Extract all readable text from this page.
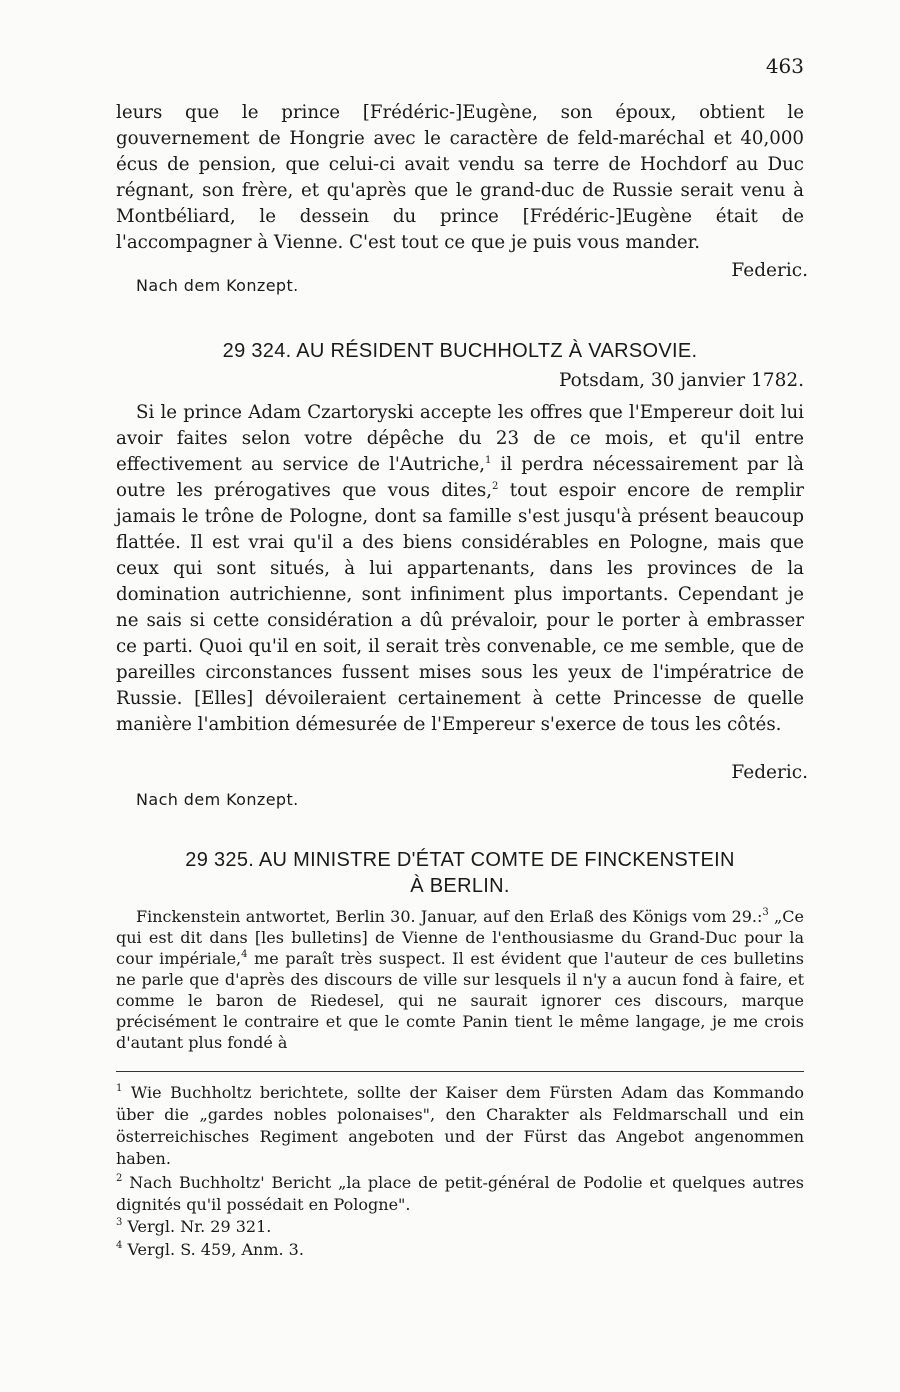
463
leurs que le prince [Frédéric-]Eugène, son époux, obtient le gouvernement de Hongrie avec le caractère de feld-maréchal et 40,000 écus de pension, que celui-ci avait vendu sa terre de Hochdorf au Duc régnant, son frère, et qu'après que le grand-duc de Russie serait venu à Montbéliard, le dessein du prince [Frédéric-]Eugène était de l'accompagner à Vienne. C'est tout ce que je puis vous mander.
Nach dem Konzept.
Federic.
29 324. AU RÉSIDENT BUCHHOLTZ À VARSOVIE.
Potsdam, 30 janvier 1782.
Si le prince Adam Czartoryski accepte les offres que l'Empereur doit lui avoir faites selon votre dépêche du 23 de ce mois, et qu'il entre effectivement au service de l'Autriche,$^1$ il perdra nécessairement par là outre les prérogatives que vous dites,$^2$ tout espoir encore de remplir jamais le trône de Pologne, dont sa famille s'est jusqu'à présent beaucoup flattée. Il est vrai qu'il a des biens considérables en Pologne, mais que ceux qui sont situés, à lui appartenants, dans les provinces de la domination autrichienne, sont infiniment plus importants. Cependant je ne sais si cette considération a dû prévaloir, pour le porter à embrasser ce parti. Quoi qu'il en soit, il serait très convenable, ce me semble, que de pareilles circonstances fussent mises sous les yeux de l'impératrice de Russie. [Elles] dévoileraient certainement à cette Princesse de quelle manière l'ambition démesurée de l'Empereur s'exerce de tous les côtés.
Federic.
Nach dem Konzept.
29 325. AU MINISTRE D'ÉTAT COMTE DE FINCKENSTEIN
À BERLIN.
Finckenstein antwortet, Berlin 30. Januar, auf den Erlaß des Königs vom 29.:$^3$ „Ce qui est dit dans [les bulletins] de Vienne de l'enthousiasme du Grand-Duc pour la cour impériale,$^4$ me paraît très suspect. Il est évident que l'auteur de ces bulletins ne parle que d'après des discours de ville sur lesquels il n'y a aucun fond à faire, et comme le baron de Riedesel, qui ne saurait ignorer ces discours, marque précisément le contraire et que le comte Panin tient le même langage, je me crois d'autant plus fondé à
$^1$ Wie Buchholtz berichtete, sollte der Kaiser dem Fürsten Adam das Kommando über die „gardes nobles polonaises", den Charakter als Feldmarschall und ein österreichisches Regiment angeboten und der Fürst das Angebot angenommen haben.
$^2$ Nach Buchholtz' Bericht „la place de petit-général de Podolie et quelques autres dignités qu'il possédait en Pologne".
$^3$ Vergl. Nr. 29 321.
$^4$ Vergl. S. 459, Anm. 3.
